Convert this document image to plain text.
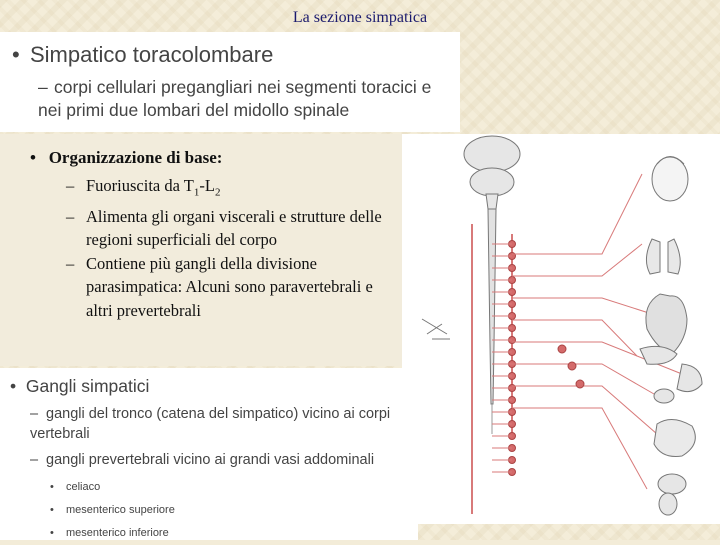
La sezione simpatica
• Simpatico toracolombare
– corpi cellulari pregangliari nei segmenti toracici e nei primi due lombari del midollo spinale
•   Organizzazione di base:
– Fuoriuscita da $T_1-L_2$
– Alimenta gli organi viscerali e strutture delle regioni superficiali del corpo
– Contiene più gangli della divisione parasimpatica: Alcuni sono paravertebrali e altri prevertebrali
•  Gangli simpatici
– gangli del tronco (catena del simpatico) vicino ai corpi vertebrali
– gangli prevertebrali vicino ai grandi vasi addominali
• celiaco
• mesenterico superiore
• mesenterico inferiore
